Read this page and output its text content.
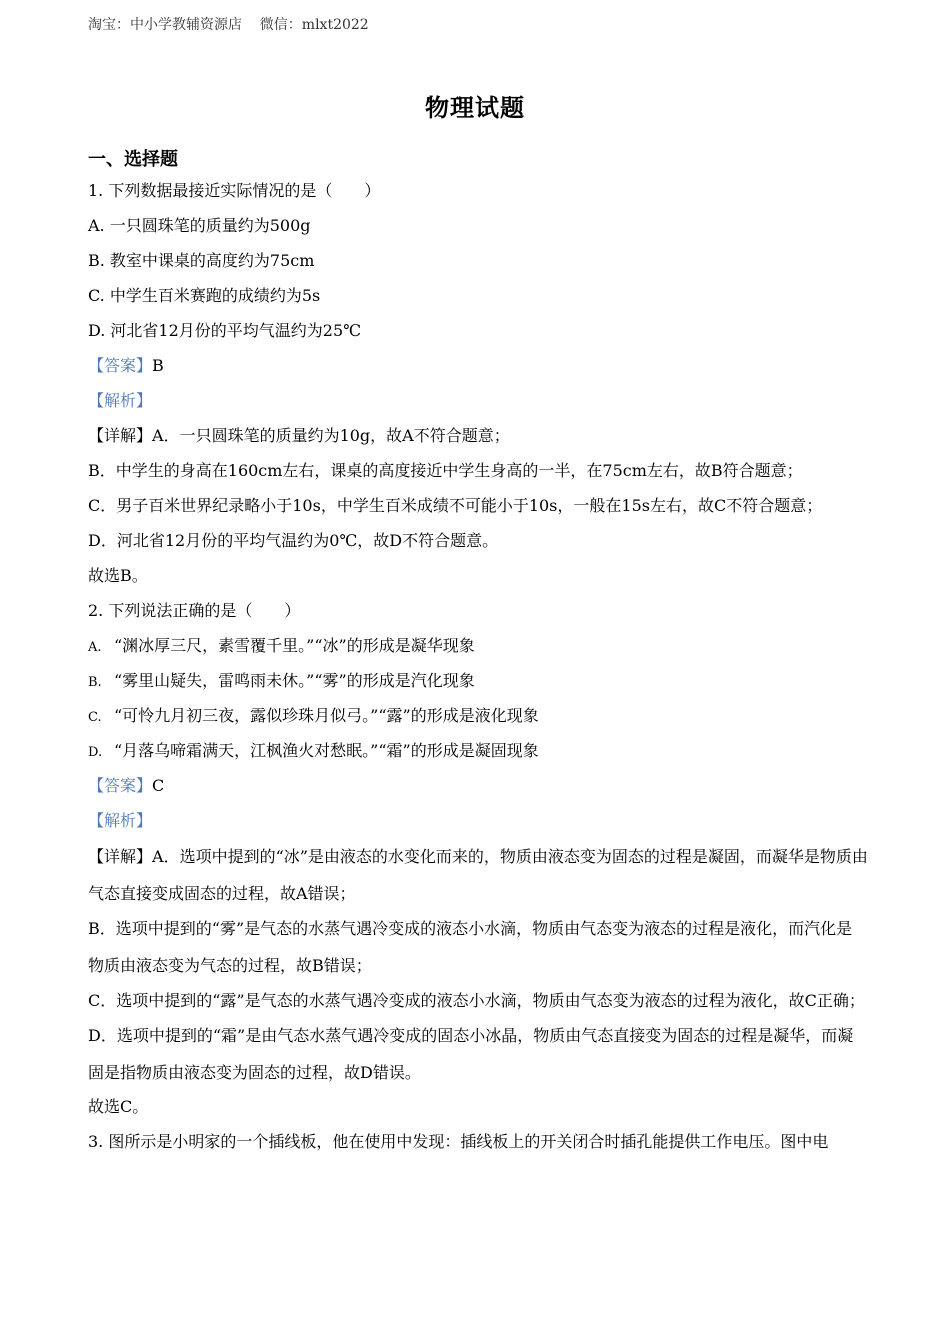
淘宝：中小学教辅资源店    微信：mlxt2022
物理试题
一、选择题
1. 下列数据最接近实际情况的是（　　）
A. 一只圆珠笔的质量约为500g
B. 教室中课桌的高度约为75cm
C. 中学生百米赛跑的成绩约为5s
D. 河北省12月份的平均气温约为25℃
【答案】B
【解析】
【详解】A．一只圆珠笔的质量约为10g，故A不符合题意；
B．中学生的身高在160cm左右，课桌的高度接近中学生身高的一半，在75cm左右，故B符合题意；
C．男子百米世界纪录略小于10s，中学生百米成绩不可能小于10s，一般在15s左右，故C不符合题意；
D．河北省12月份的平均气温约为0℃，故D不符合题意。
故选B。
2. 下列说法正确的是（　　）
A. “渊冰厚三尺，素雪覆千里。”“冰”的形成是凝华现象
B. “雾里山疑失，雷鸣雨未休。”“雾”的形成是汽化现象
C. “可怜九月初三夜，露似珍珠月似弓。”“露”的形成是液化现象
D. “月落乌啼霜满天，江枫渔火对愁眠。”“霜”的形成是凝固现象
【答案】C
【解析】
【详解】A．选项中提到的“冰”是由液态的水变化而来的，物质由液态变为固态的过程是凝固，而凝华是物质由气态直接变成固态的过程，故A错误；
B．选项中提到的“雾”是气态的水蒸气遇冷变成的液态小水滴，物质由气态变为液态的过程是液化，而汽化是物质由液态变为气态的过程，故B错误；
C．选项中提到的“露”是气态的水蒸气遇冷变成的液态小水滴，物质由气态变为液态的过程为液化，故C正确；
D．选项中提到的“霜”是由气态水蒸气遇冷变成的固态小冰晶，物质由气态直接变为固态的过程是凝华，而凝固是指物质由液态变为固态的过程，故D错误。
故选C。
3. 图所示是小明家的一个插线板，他在使用中发现：插线板上的开关闭合时插孔能提供工作电压。图中电
